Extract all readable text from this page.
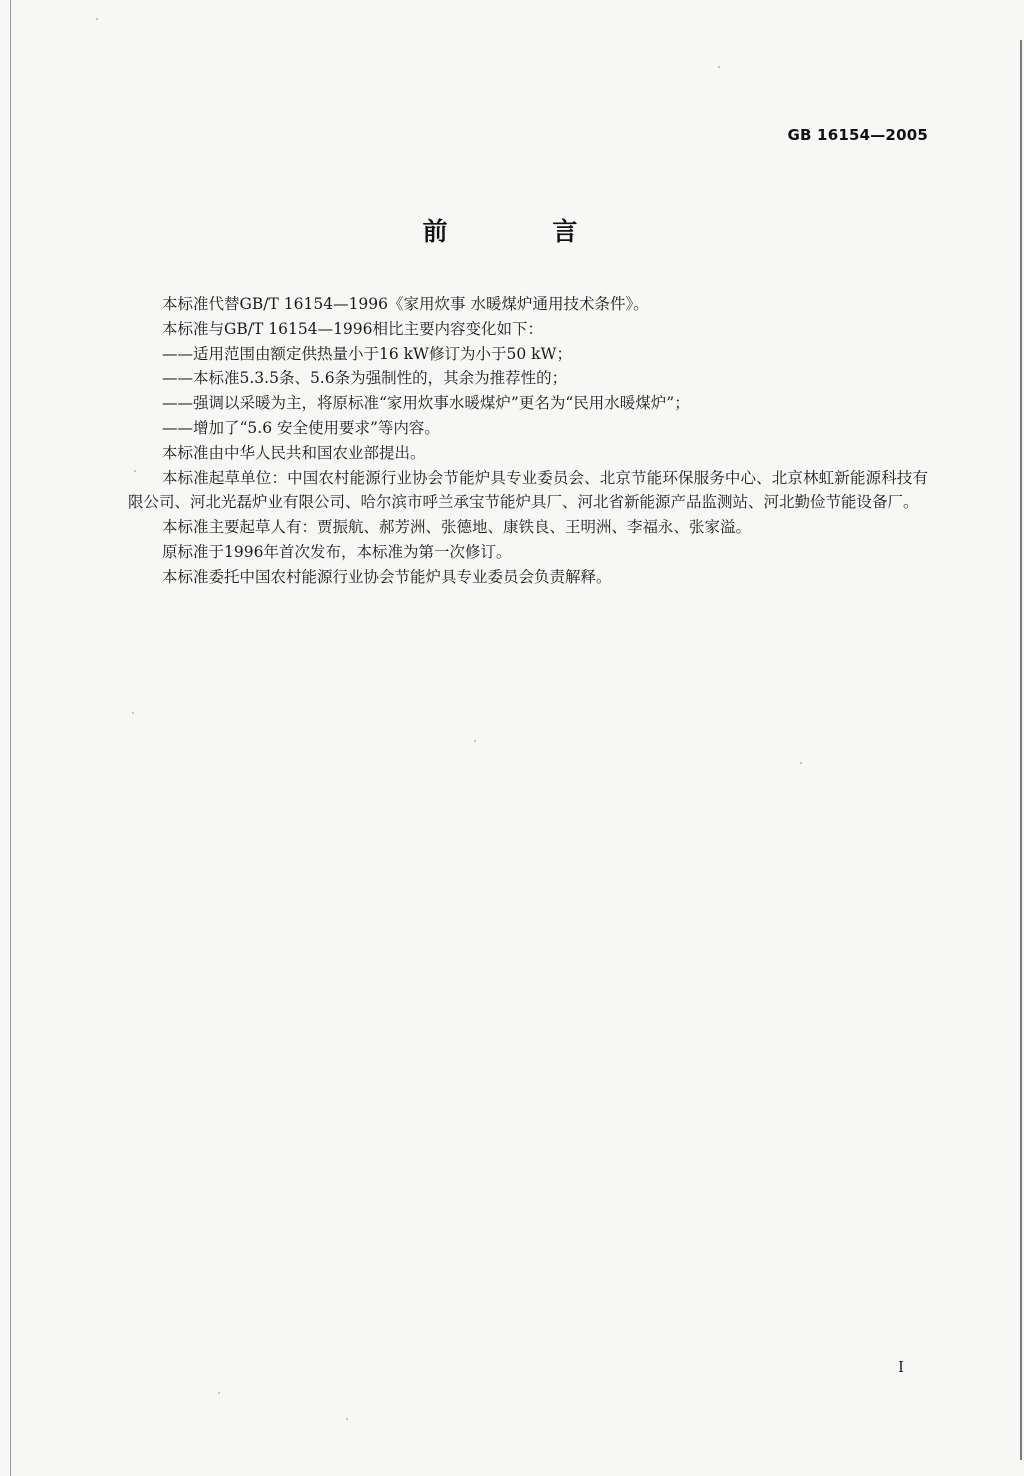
GB 16154—2005
前 言

本标准代替GB/T 16154—1996《家用炊事 水暖煤炉通用技术条件》。

本标准与GB/T 16154—1996相比主要内容变化如下：

——适用范围由额定供热量小于16 kW修订为小于50 kW；

——本标准5.3.5条、5.6条为强制性的，其余为推荐性的；

——强调以采暖为主，将原标准“家用炊事水暖煤炉”更名为“民用水暖煤炉”；

——增加了“5.6 安全使用要求”等内容。

本标准由中华人民共和国农业部提出。

本标准起草单位：中国农村能源行业协会节能炉具专业委员会、北京节能环保服务中心、北京林虹新能源科技有限公司、河北光磊炉业有限公司、哈尔滨市呼兰承宝节能炉具厂、河北省新能源产品监测站、河北勤俭节能设备厂。

本标准主要起草人有：贾振航、郝芳洲、张德地、康铁良、王明洲、李福永、张家溢。

原标准于1996年首次发布，本标准为第一次修订。

本标准委托中国农村能源行业协会节能炉具专业委员会负责解释。

I
